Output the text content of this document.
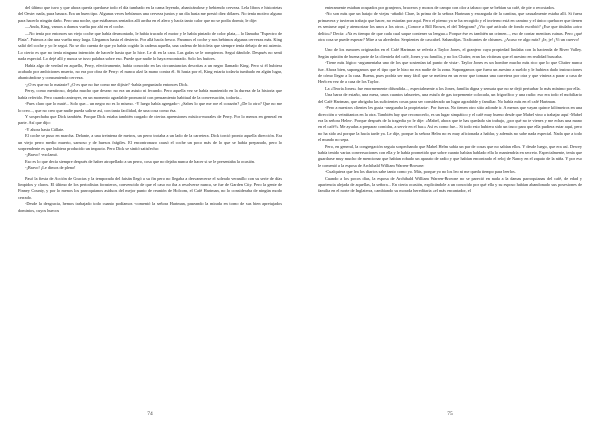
del último que tuvo y que ahora quería quedarse todo el día tumbado en la cama leyendo, abanicándose y bebiendo cerveza. Lela libros e historietas del Oeste: nada, pura basura. Era un buen tipo. Algunas veces bebíamos una cerveza juntos y un día hasta me prestó diez dólares. No tenía motivo alguno para hacerlo ningún daño. Pero una noche, que estábamos sentados allí arriba en el alero y hacía tanto calor que no se podía dormir, le dije:

—Anda, King, vamos a darnos vuelta por ahí en el coche.

—No tenía por entonces un viejo coche que había desmontado, le había trucado el motor y le había pintado de color plata,... lo llamaba "Espectro de Plata". Fuimos a dar una vuelta muy larga. Llegamos hasta el desierto. Por allá hacía fresco. Paramos el coche y nos bebimos algunas cervezas más. King salió del coche y yo le seguí. No se dio cuenta de que yo había cogido la cadena aquella, una cadena de bicicleta que siempre tenía debajo de mi asiento. Lo cierto es que no tenía ninguna intención de hacerle hasta que lo hice. Le di en la cara. Las gafas se le rompieron. Seguí dándole. Después no sentí nada especial. Lo dejé allí y nunca se tuvo palabra sobre eso. Puede que nadie lo haya encontrado. Solo los buitres.

Había algo de verdad en aquello, Perry, efectivamente, había conocido en las circunstancias descritas a un negro llamado King. Pero si él hubiera acabado por ambiciones muerto, no era por obra de Perry: el nunca alzó la mano contra él. Si hasta por el, King estaría todavía tumbado en algún lugar, abanicándose y consumiendo cerveza.

-¿O es que no lo mataste? ¿O es que no fue como me dijiste? -había preguntado entonces Dick.

Perry, como mentiroso, dejaba mucho que desear: no era un astuto ni fecundo. Pero aquella vez se había mantenido en la dureza de la historia que había referido. Pero cuando anteayer, en un momento agradable pronunció con pensamiento habitual de la conversación, todavía...

-Pues claro que lo maté... Solo que... un negro no es lo mismo. -Y luego había agregado-: ¿Sabes lo que me roe el corazón? ¿De lo otro? Que no me lo creo..., que no creo que nadie pueda salirse así, con tanta facilidad, de una cosa como ésa.

Y sospechaba que Dick también. Porque Dick estaba también cargado de ciertas aprensiones místico-morales de Perry. Por lo menos en general en parte. Así que dijo:

-Y ahora hasta Cállate.

El coche se puso en marcha. Delante, a una treintena de metros, un perro trotaba a un lado de la carretera. Dick torció pronto aquella dirección. Era un viejo perro medio muerto, sarnoso y de huesos frágiles. El encontronazo causó el coche un poco más de lo que se había preparado, pero lo sorprendente es que hubiera producido un impacto. Pero Dick se sintió satisfecho:

-¡Bravo! -exclamó.

Eso es lo que decía siempre después de haber atropellado a un perro, cosa que no dejaba nunca de hacer si se le presentaba la ocasión.

-¡Bravo! ¡Le dimos de pleno!

Pasó la fiesta de Acción de Gracias y la temporada del faisán llegó a su fin pero no llegaba a desvanecerse el soleado veranillo con su serie de días limpidos y claros. El último de los periodistas forasteros, convencido de que el caso no iba a resolverse nunca, se fue de Garden City. Pero la gente de Finney County, y por lo menos los parroquianos asiduos del mejor punto de reunión de Holcom, el Café Hartman, no lo consideraba de ningún modo cerrado.

-Desde la desgracia, hemos trabajado todo cuanto podíamos -comentó la señora Hartman, paseando la mirada en torno de sus bien apretujados dominios, cuyos huecos

74

enteramente estaban ocupados por granjeros, braceros y mozos de campo con olor a tabaco que se bebían su café, de pie o recostados.

-No son más que un hatajo de viejas -añadió Clare, la prima de la señora Hartman y encargada de la cantina, que casualmente estaba allí. Si fuera primavera y tuvieran trabajo que hacer, no estarían por aquí. Pero el pienso ya se ha recogido y el invierno está en camino y el único quehacer que tienen es sentarse aquí y atemorizar los unos a los otros. ¿Conoce a Bill Brown, el del Telegram? ¿Vio qué artículo de fondo escribió? ¿Ese que titulaba «otro delito»? Decía: «Ya es tiempo de que cada cual saque contener su lengua.» Porque ése es también un crimen..., eso de contar mentiras ruinas. Pero ¿qué otra cosa se puede esperar? Mire a su alrededor. Serpientes de cascabel. Sabandijas. Traficantes de chismes. ¿Acaso ve algo más? ¡Je, je! ¡Vi un cuervo!

Uno de los rumores originados en el Café Hartman se refería a Taylor Jones, el granjero cuya propiedad lindaba con la hacienda de River Valley. Según opinión de buena parte de la clientela del café, Jones y su familia, y no los Clutter, eran las víctimas que el asesino en realidad buscaba.

-Tiene más lógico -argumentaba uno de los que sostenían tal punto de vista-. Taylor Jones es un hombre mucho más rico que lo que Clutter nunca fue. Ahora bien, supongamos que el tipo que le hizo no era nadie de la zona. Supongamos que fuera un asesino a sueldo y le hubiera dado instrucciones de cómo llegar a la casa. Buena, pues podría ser muy fácil que se metiera en un error que tomara una carretera por otra y que viniera a parar a casa de Herb en vez de a casa de los Taylor.

La «Teoría Jones» fue enormemente difundida..., especialmente a los Jones, familia digna y sensata que no se dejó perturbar lo más mínimo por ella.

Una barra de estaño, una mesa, unos cuantos taburetes, una estufa de gas torpemente colocada, un frigorífico y una radio: eso era todo el mobiliario del Café Hartman, que abrigaba las suficientes cosas para ser considerado un lugar agradable y familiar. No había más en el café Hartman.

-Pero a nuestros clientes les gusta -aseguraba la propietaria-. Por fuerza. No tienen otro sitio adonde ir. A menos que vayan quince kilómetros en una dirección o veintitantos en la otra. También hay que reconocerlo, es un lugar simpático y el café muy bueno desde que Mabel vino a trabajar aquí -Mabel era la señora Helm-. Porque después de la tragedia yo le dije: «Mabel, ahora que te has quedado sin trabajo, ¿por qué no te vienes y me echas una mano en el café?» Me ayudas a preparar comidas, a servir en el bar.» Así es como fue... Si todo esto hubiera sido un truco para que ella pudiera estar aquí, pero no ha sido así porque la hacía tarde ya. Le dije, porque la señora Helm no es muy aficionada a hablar, y además no sabe nada especial. Nada que a todo el mundo no sepa.

Pero, en general, la congregación seguía sospechando que Mabel Helm sabía un par de cosas que no sabían ellos. Y desde luego, que era así. Dewey había tenido varias conversaciones con ella y le había prometido que sobre cuanto habían hablado ella lo mantendría en secreto. Especialmente, tenía que guardarse muy mucho de mencionar que habían robado un aparato de radio y que habían encontrado el reloj de Nancy en el zapato de la niña. Y por eso le comentó a la esposa de Archibald William Warren-Browne:

-Cualquiera que lea los diarios sabe tanto como yo. Más, porque yo no los leo ni me queda tiempo para leerlos.

Cuando a los pocos días, la esposa de Archibald William Warren-Browne no se pareció en nada a la damas parroquianas del café, de edad y apariencia alejada de aquellas, la señora... En cierta ocasión, explicándole a un conocido por qué ella y su esposo habían abandonado sus posesiones de familia en el norte de Inglaterra, cambiando su morada hereditaria «el más encantador, el

75
